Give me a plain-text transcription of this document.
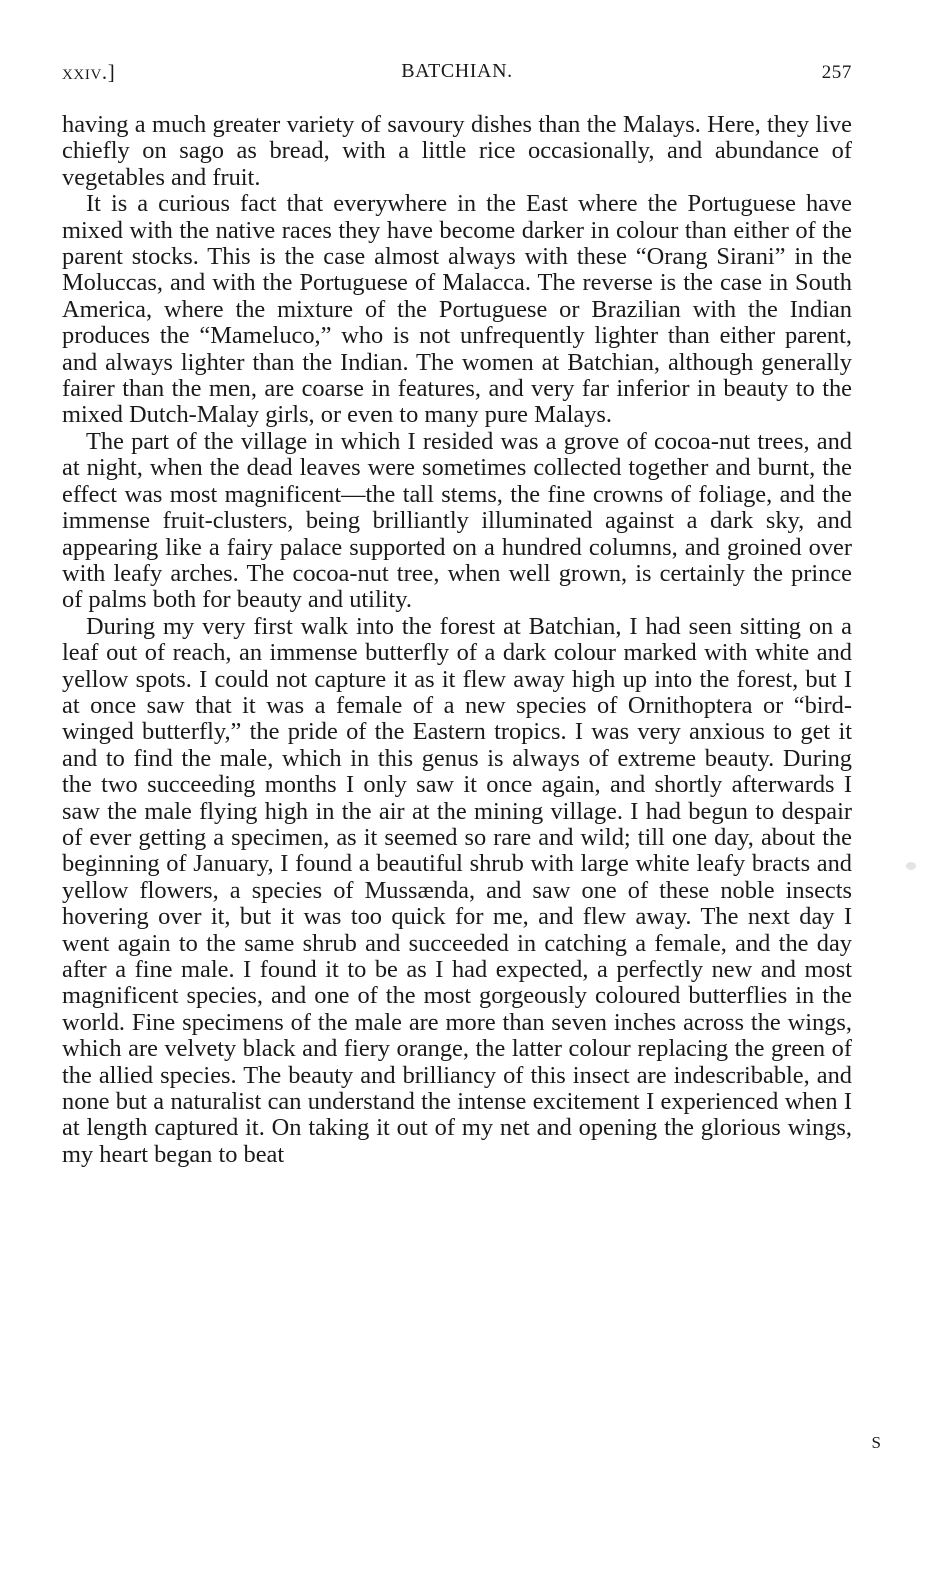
xxiv.]	BATCHIAN.	257

having a much greater variety of savoury dishes than the Malays. Here, they live chiefly on sago as bread, with a little rice occasionally, and abundance of vegetables and fruit.

It is a curious fact that everywhere in the East where the Portuguese have mixed with the native races they have become darker in colour than either of the parent stocks. This is the case almost always with these “Orang Sirani” in the Moluccas, and with the Portuguese of Malacca. The reverse is the case in South America, where the mixture of the Portuguese or Brazilian with the Indian produces the “Mameluco,” who is not unfrequently lighter than either parent, and always lighter than the Indian. The women at Batchian, although generally fairer than the men, are coarse in features, and very far inferior in beauty to the mixed Dutch-Malay girls, or even to many pure Malays.

The part of the village in which I resided was a grove of cocoa-nut trees, and at night, when the dead leaves were sometimes collected together and burnt, the effect was most magnificent—the tall stems, the fine crowns of foliage, and the immense fruit-clusters, being brilliantly illuminated against a dark sky, and appearing like a fairy palace supported on a hundred columns, and groined over with leafy arches. The cocoa-nut tree, when well grown, is certainly the prince of palms both for beauty and utility.

During my very first walk into the forest at Batchian, I had seen sitting on a leaf out of reach, an immense butterfly of a dark colour marked with white and yellow spots. I could not capture it as it flew away high up into the forest, but I at once saw that it was a female of a new species of Ornithoptera or “bird-winged butterfly,” the pride of the Eastern tropics. I was very anxious to get it and to find the male, which in this genus is always of extreme beauty. During the two succeeding months I only saw it once again, and shortly afterwards I saw the male flying high in the air at the mining village. I had begun to despair of ever getting a specimen, as it seemed so rare and wild; till one day, about the beginning of January, I found a beautiful shrub with large white leafy bracts and yellow flowers, a species of Mussænda, and saw one of these noble insects hovering over it, but it was too quick for me, and flew away. The next day I went again to the same shrub and succeeded in catching a female, and the day after a fine male. I found it to be as I had expected, a perfectly new and most magnificent species, and one of the most gorgeously coloured butterflies in the world. Fine specimens of the male are more than seven inches across the wings, which are velvety black and fiery orange, the latter colour replacing the green of the allied species. The beauty and brilliancy of this insect are indescribable, and none but a naturalist can understand the intense excitement I experienced when I at length captured it. On taking it out of my net and opening the glorious wings, my heart began to beat

S
